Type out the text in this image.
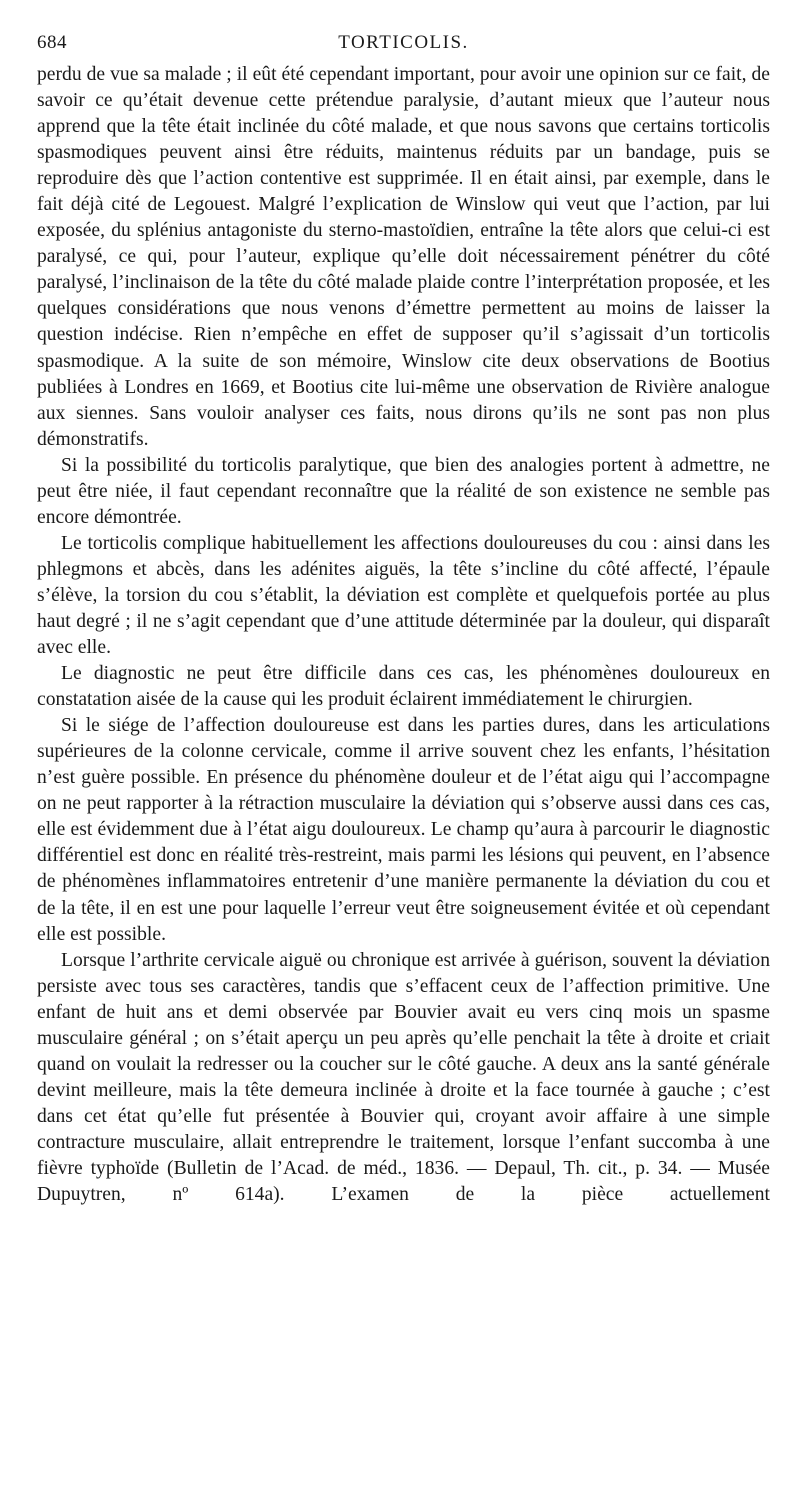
684	TORTICOLIS.

perdu de vue sa malade ; il eût été cependant important, pour avoir une opinion sur ce fait, de savoir ce qu’était devenue cette prétendue paralysie, d’autant mieux que l’auteur nous apprend que la tête était inclinée du côté malade, et que nous savons que certains torticolis spasmodiques peuvent ainsi être réduits, maintenus réduits par un bandage, puis se reproduire dès que l’action contentive est supprimée. Il en était ainsi, par exemple, dans le fait déjà cité de Legouest. Malgré l’explication de Winslow qui veut que l’action, par lui exposée, du splénius antagoniste du sterno-mastoïdien, entraîne la tête alors que celui-ci est paralysé, ce qui, pour l’auteur, explique qu’elle doit nécessairement pénétrer du côté paralysé, l’inclinaison de la tête du côté malade plaide contre l’interprétation proposée, et les quelques considérations que nous venons d’émettre permettent au moins de laisser la question indécise. Rien n’empêche en effet de supposer qu’il s’agissait d’un torticolis spasmodique. A la suite de son mémoire, Winslow cite deux observations de Bootius publiées à Londres en 1669, et Bootius cite lui-même une observation de Rivière analogue aux siennes. Sans vouloir analyser ces faits, nous dirons qu’ils ne sont pas non plus démonstratifs.

Si la possibilité du torticolis paralytique, que bien des analogies portent à admettre, ne peut être niée, il faut cependant reconnaître que la réalité de son existence ne semble pas encore démontrée.

Le torticolis complique habituellement les affections douloureuses du cou : ainsi dans les phlegmons et abcès, dans les adénites aiguës, la tête s’incline du côté affecté, l’épaule s’élève, la torsion du cou s’établit, la déviation est complète et quelquefois portée au plus haut degré ; il ne s’agit cependant que d’une attitude déterminée par la douleur, qui disparaît avec elle.

Le diagnostic ne peut être difficile dans ces cas, les phénomènes douloureux en constatation aisée de la cause qui les produit éclairent immédiatement le chirurgien.

Si le siége de l’affection douloureuse est dans les parties dures, dans les articulations supérieures de la colonne cervicale, comme il arrive souvent chez les enfants, l’hésitation n’est guère possible. En présence du phénomène douleur et de l’état aigu qui l’accompagne on ne peut rapporter à la rétraction musculaire la déviation qui s’observe aussi dans ces cas, elle est évidemment due à l’état aigu douloureux. Le champ qu’aura à parcourir le diagnostic différentiel est donc en réalité très-restreint, mais parmi les lésions qui peuvent, en l’absence de phénomènes inflammatoires entretenir d’une manière permanente la déviation du cou et de la tête, il en est une pour laquelle l’erreur veut être soigneusement évitée et où cependant elle est possible.

Lorsque l’arthrite cervicale aiguë ou chronique est arrivée à guérison, souvent la déviation persiste avec tous ses caractères, tandis que s’effacent ceux de l’affection primitive. Une enfant de huit ans et demi observée par Bouvier avait eu vers cinq mois un spasme musculaire général ; on s’était aperçu un peu après qu’elle penchait la tête à droite et criait quand on voulait la redresser ou la coucher sur le côté gauche. A deux ans la santé générale devint meilleure, mais la tête demeura inclinée à droite et la face tournée à gauche ; c’est dans cet état qu’elle fut présentée à Bouvier qui, croyant avoir affaire à une simple contracture musculaire, allait entreprendre le traitement, lorsque l’enfant succomba à une fièvre typhoïde (Bulletin de l’Acad. de méd., 1836. — Depaul, Th. cit., p. 34. — Musée Dupuytren, nº 614a). L’examen de la pièce actuellement
